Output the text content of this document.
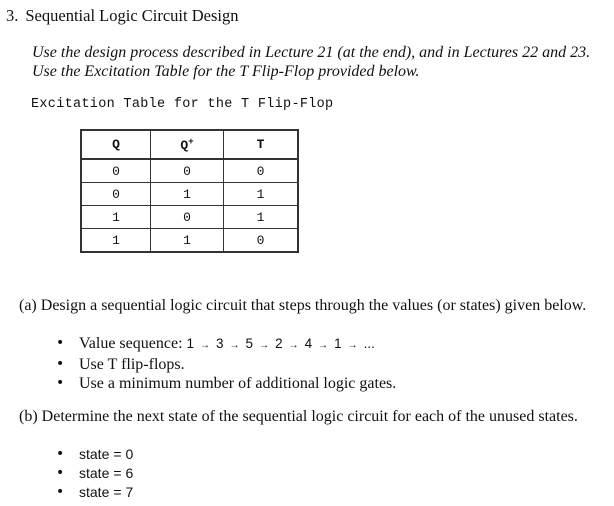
3. Sequential Logic Circuit Design
Use the design process described in Lecture 21 (at the end), and in Lectures 22 and 23.
Use the Excitation Table for the T Flip-Flop provided below.
Excitation Table for the T Flip-Flop
Q	Q+	T
0	0	0
0	1	1
1	0	1
1	1	0
(a) Design a sequential logic circuit that steps through the values (or states) given below.
• Value sequence: 1 → 3 → 5 → 2 → 4 → 1 → ...
• Use T flip-flops.
• Use a minimum number of additional logic gates.
(b) Determine the next state of the sequential logic circuit for each of the unused states.
• state = 0
• state = 6
• state = 7
